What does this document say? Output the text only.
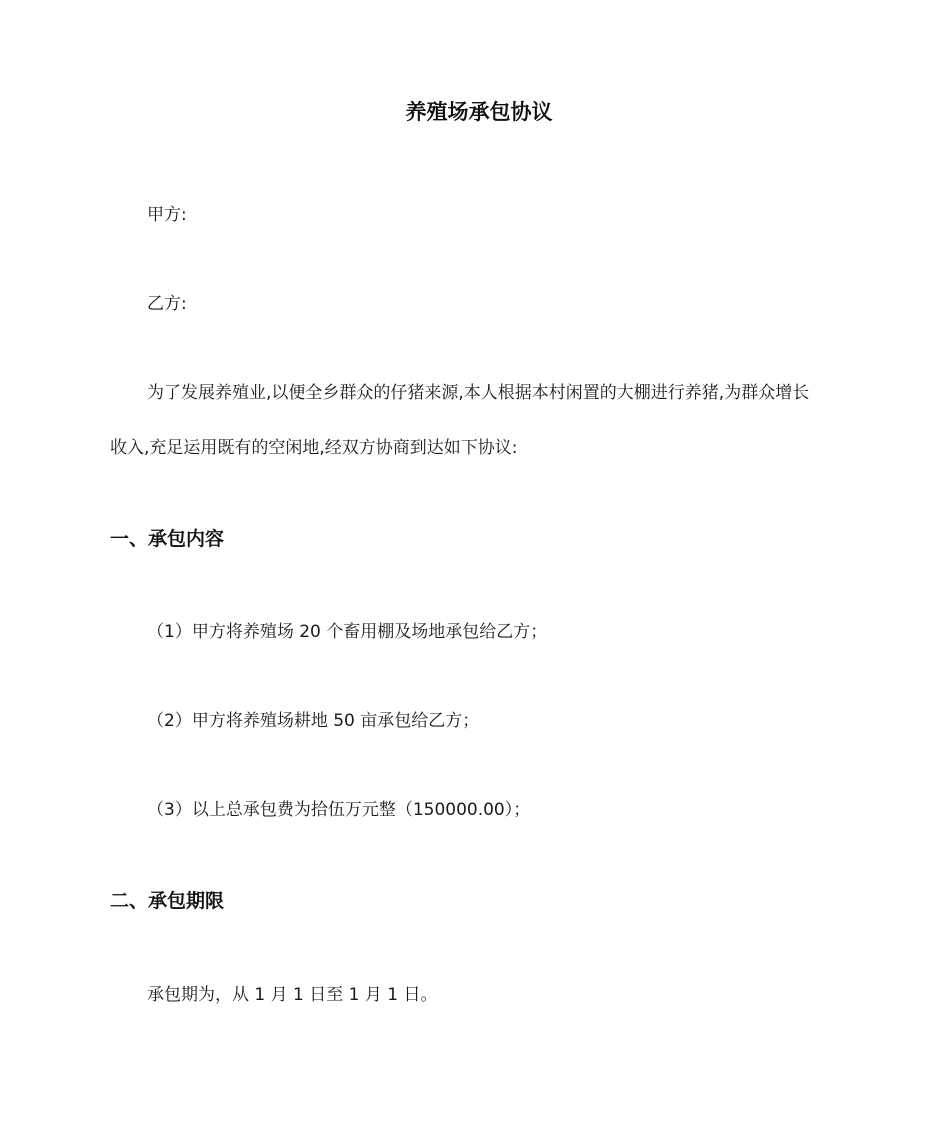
养殖场承包协议
甲方:
乙方:
为了发展养殖业,以便全乡群众的仔猪来源,本人根据本村闲置的大棚进行养猪,为群众增长
收入,充足运用既有的空闲地,经双方协商到达如下协议:
一、承包内容
（1）甲方将养殖场 20 个畜用棚及场地承包给乙方；
（2）甲方将养殖场耕地 50 亩承包给乙方；
（3）以上总承包费为拾伍万元整（150000.00）；
二、承包期限
承包期为，从 1 月 1 日至 1 月 1 日。
